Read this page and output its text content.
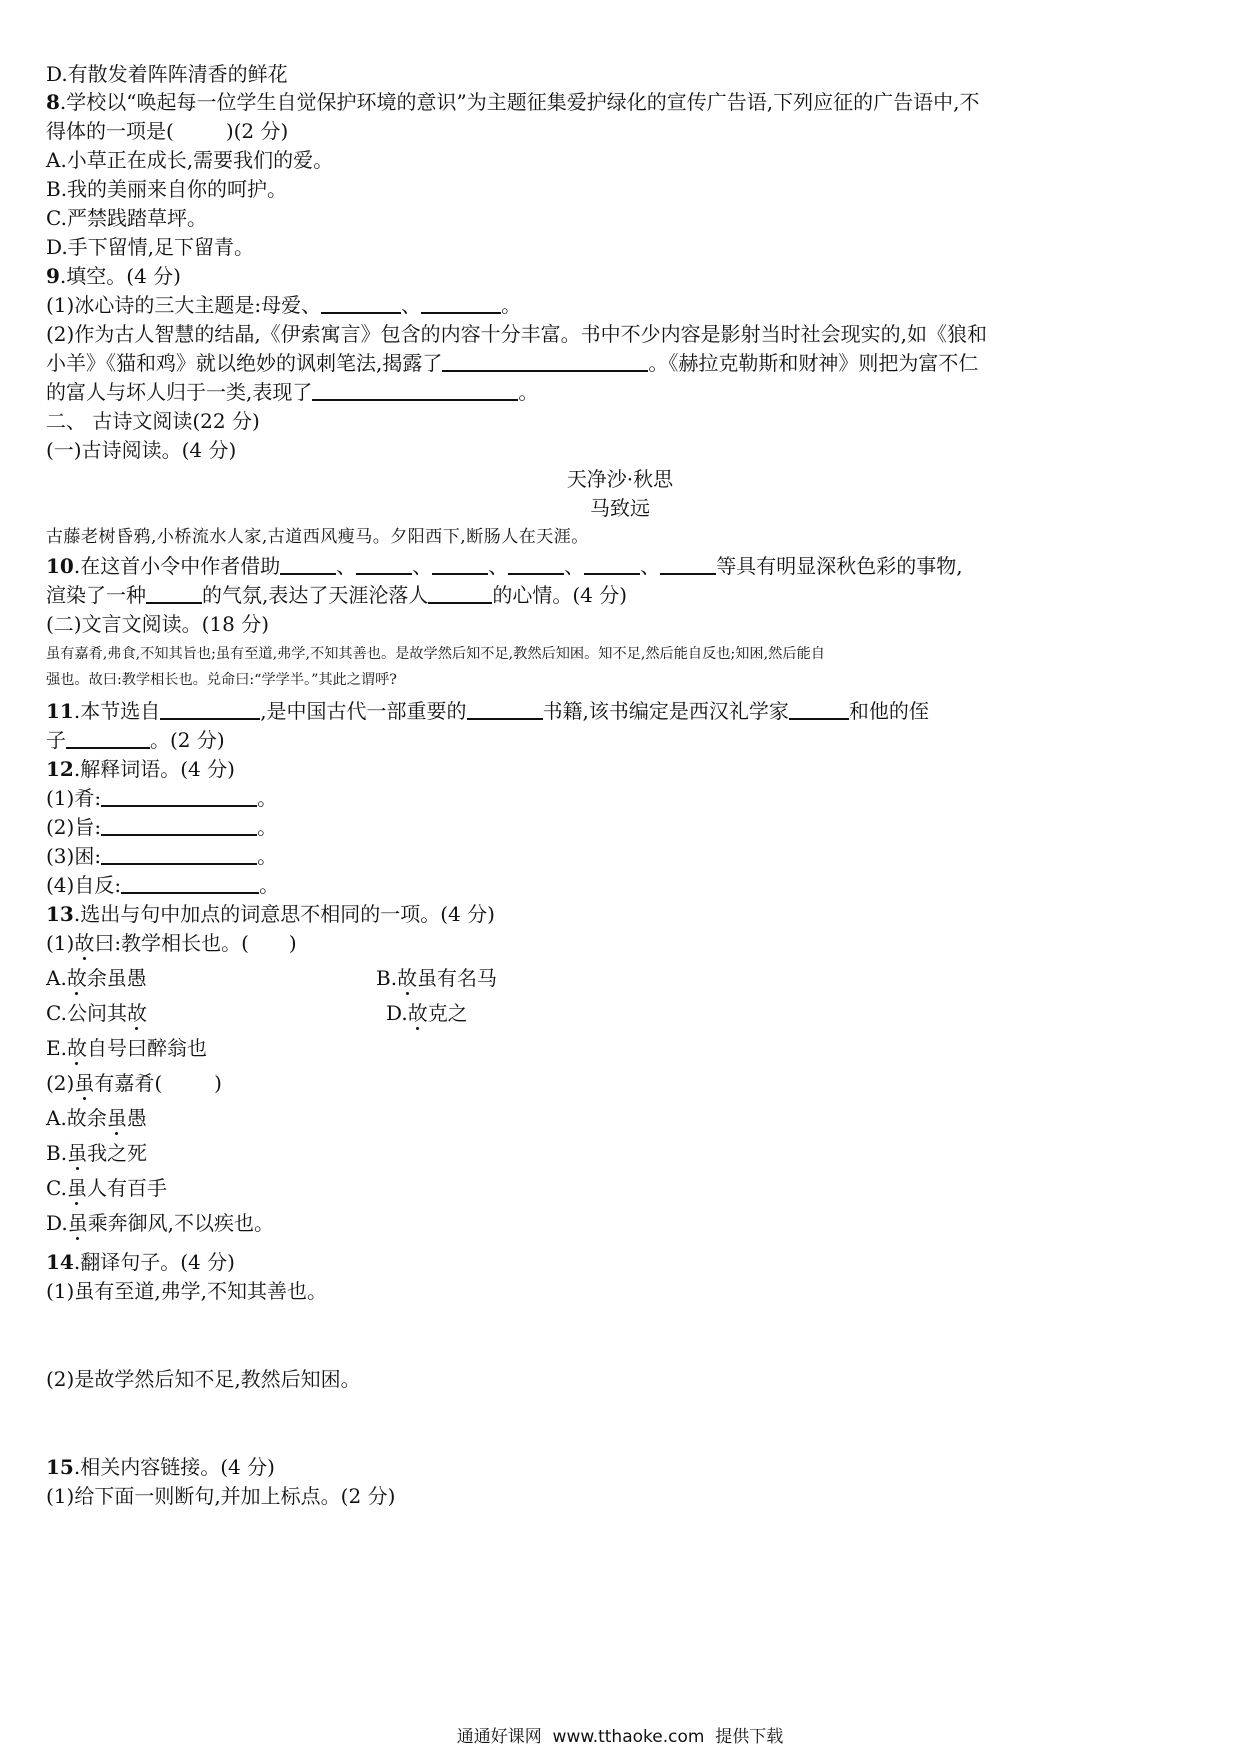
D.有散发着阵阵清香的鲜花
8.学校以“唤起每一位学生自觉保护环境的意识”为主题征集爱护绿化的宣传广告语,下列应征的广告语中,不
得体的一项是(	)(2 分)
A.小草正在成长,需要我们的爱。
B.我的美丽来自你的呵护。
C.严禁践踏草坪。
D.手下留情,足下留青。
9.填空。(4 分)
(1)冰心诗的三大主题是:母爱、	、	。
(2)作为古人智慧的结晶,《伊索寓言》包含的内容十分丰富。书中不少内容是影射当时社会现实的,如《狼和
小羊》《猫和鸡》就以绝妙的讽刺笔法,揭露了	。《赫拉克勒斯和财神》则把为富不仁
的富人与坏人归于一类,表现了	。
二、 古诗文阅读(22 分)
(一)古诗阅读。(4 分)
天净沙·秋思
马致远
古藤老树昏鸦,小桥流水人家,古道西风瘦马。夕阳西下,断肠人在天涯。
10.在这首小令中作者借助	、	、	、	、	、	等具有明显深秋色彩的事物,
渲染了一种	的气氛,表达了天涯沦落人	的心情。(4 分)
(二)文言文阅读。(18 分)
虽有嘉肴,弗食,不知其旨也;虽有至道,弗学,不知其善也。是故学然后知不足,教然后知困。知不足,然后能自反也;知困,然后能自
强也。故曰:教学相长也。兑命曰:“学学半。”其此之谓呼?
11.本节选自	,是中国古代一部重要的	书籍,该书编定是西汉礼学家	和他的侄
子	。(2 分)
12.解释词语。(4 分)
(1)肴:	。
(2)旨:	。
(3)困:	。
(4)自反:	。
13.选出与句中加点的词意思不相同的一项。(4 分)
(1)故曰:教学相长也。( )
A.故余虽愚	B.故虽有名马
C.公问其故	D.故克之
E.故自号曰醉翁也
(2)虽有嘉肴(	)
A.故余虽愚
B.虽我之死
C.虽人有百手
D.虽乘奔御风,不以疾也。
14.翻译句子。(4 分)
(1)虽有至道,弗学,不知其善也。
(2)是故学然后知不足,教然后知困。
15.相关内容链接。(4 分)
(1)给下面一则断句,并加上标点。(2 分)
通通好课网  www.tthaoke.com  提供下载
